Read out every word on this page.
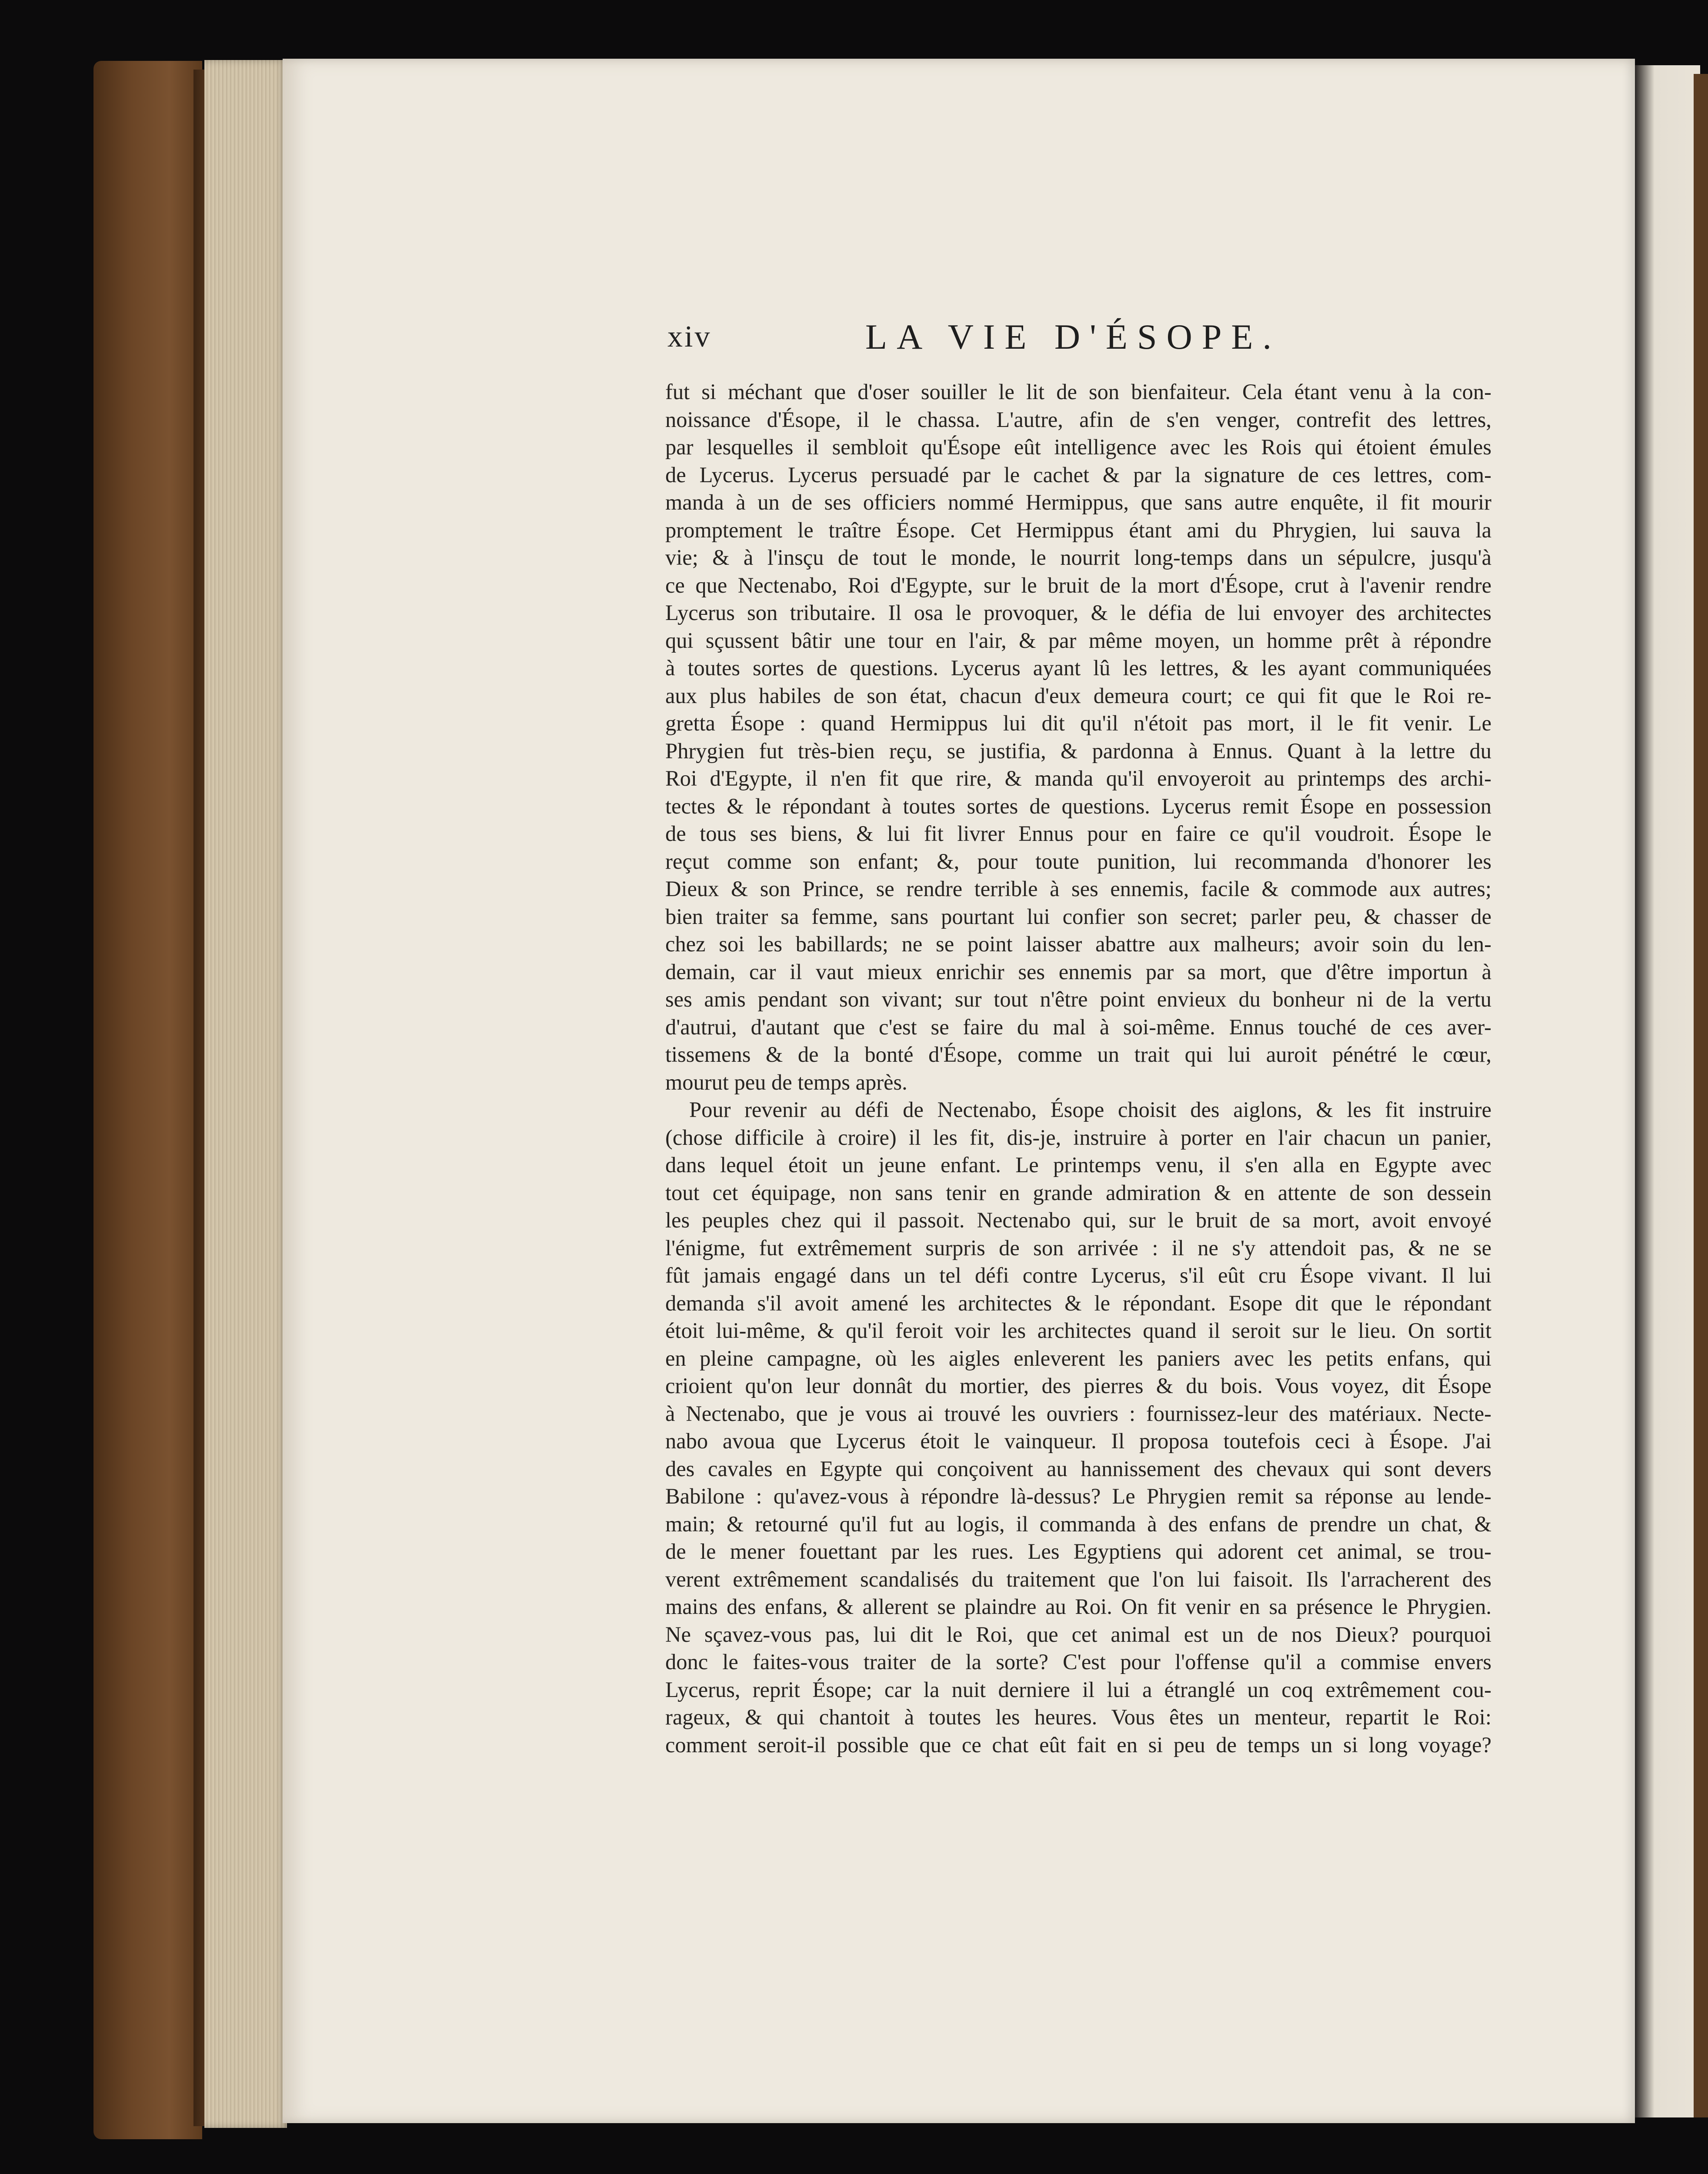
xiv	LA VIE D'ÉSOPE.
fut si méchant que d'oser souiller le lit de son bienfaiteur. Cela étant venu à la con-
noissance d'Ésope, il le chassa. L'autre, afin de s'en venger, contrefit des lettres,
par lesquelles il sembloit qu'Ésope eût intelligence avec les Rois qui étoient émules
de Lycerus. Lycerus persuadé par le cachet & par la signature de ces lettres, com-
manda à un de ses officiers nommé Hermippus, que sans autre enquête, il fit mourir
promptement le traître Ésope. Cet Hermippus étant ami du Phrygien, lui sauva la
vie; & à l'insçu de tout le monde, le nourrit long-temps dans un sépulcre, jusqu'à
ce que Nectenabo, Roi d'Egypte, sur le bruit de la mort d'Ésope, crut à l'avenir rendre
Lycerus son tributaire. Il osa le provoquer, & le défia de lui envoyer des architectes
qui sçussent bâtir une tour en l'air, & par même moyen, un homme prêt à répondre
à toutes sortes de questions. Lycerus ayant lû les lettres, & les ayant communiquées
aux plus habiles de son état, chacun d'eux demeura court; ce qui fit que le Roi re-
gretta Ésope : quand Hermippus lui dit qu'il n'étoit pas mort, il le fit venir. Le
Phrygien fut très-bien reçu, se justifia, & pardonna à Ennus. Quant à la lettre du
Roi d'Egypte, il n'en fit que rire, & manda qu'il envoyeroit au printemps des archi-
tectes & le répondant à toutes sortes de questions. Lycerus remit Ésope en possession
de tous ses biens, & lui fit livrer Ennus pour en faire ce qu'il voudroit. Ésope le
reçut comme son enfant; &, pour toute punition, lui recommanda d'honorer les
Dieux & son Prince, se rendre terrible à ses ennemis, facile & commode aux autres;
bien traiter sa femme, sans pourtant lui confier son secret; parler peu, & chasser de
chez soi les babillards; ne se point laisser abattre aux malheurs; avoir soin du len-
demain, car il vaut mieux enrichir ses ennemis par sa mort, que d'être importun à
ses amis pendant son vivant; sur tout n'être point envieux du bonheur ni de la vertu
d'autrui, d'autant que c'est se faire du mal à soi-même. Ennus touché de ces aver-
tissemens & de la bonté d'Ésope, comme un trait qui lui auroit pénétré le cœur,
mourut peu de temps après.
Pour revenir au défi de Nectenabo, Ésope choisit des aiglons, & les fit instruire
(chose difficile à croire) il les fit, dis-je, instruire à porter en l'air chacun un panier,
dans lequel étoit un jeune enfant. Le printemps venu, il s'en alla en Egypte avec
tout cet équipage, non sans tenir en grande admiration & en attente de son dessein
les peuples chez qui il passoit. Nectenabo qui, sur le bruit de sa mort, avoit envoyé
l'énigme, fut extrêmement surpris de son arrivée : il ne s'y attendoit pas, & ne se
fût jamais engagé dans un tel défi contre Lycerus, s'il eût cru Ésope vivant. Il lui
demanda s'il avoit amené les architectes & le répondant. Esope dit que le répondant
étoit lui-même, & qu'il feroit voir les architectes quand il seroit sur le lieu. On sortit
en pleine campagne, où les aigles enleverent les paniers avec les petits enfans, qui
crioient qu'on leur donnât du mortier, des pierres & du bois. Vous voyez, dit Ésope
à Nectenabo, que je vous ai trouvé les ouvriers : fournissez-leur des matériaux. Necte-
nabo avoua que Lycerus étoit le vainqueur. Il proposa toutefois ceci à Ésope. J'ai
des cavales en Egypte qui conçoivent au hannissement des chevaux qui sont devers
Babilone : qu'avez-vous à répondre là-dessus? Le Phrygien remit sa réponse au lende-
main; & retourné qu'il fut au logis, il commanda à des enfans de prendre un chat, &
de le mener fouettant par les rues. Les Egyptiens qui adorent cet animal, se trou-
verent extrêmement scandalisés du traitement que l'on lui faisoit. Ils l'arracherent des
mains des enfans, & allerent se plaindre au Roi. On fit venir en sa présence le Phrygien.
Ne sçavez-vous pas, lui dit le Roi, que cet animal est un de nos Dieux? pourquoi
donc le faites-vous traiter de la sorte? C'est pour l'offense qu'il a commise envers
Lycerus, reprit Ésope; car la nuit derniere il lui a étranglé un coq extrêmement cou-
rageux, & qui chantoit à toutes les heures. Vous êtes un menteur, repartit le Roi:
comment seroit-il possible que ce chat eût fait en si peu de temps un si long voyage?
